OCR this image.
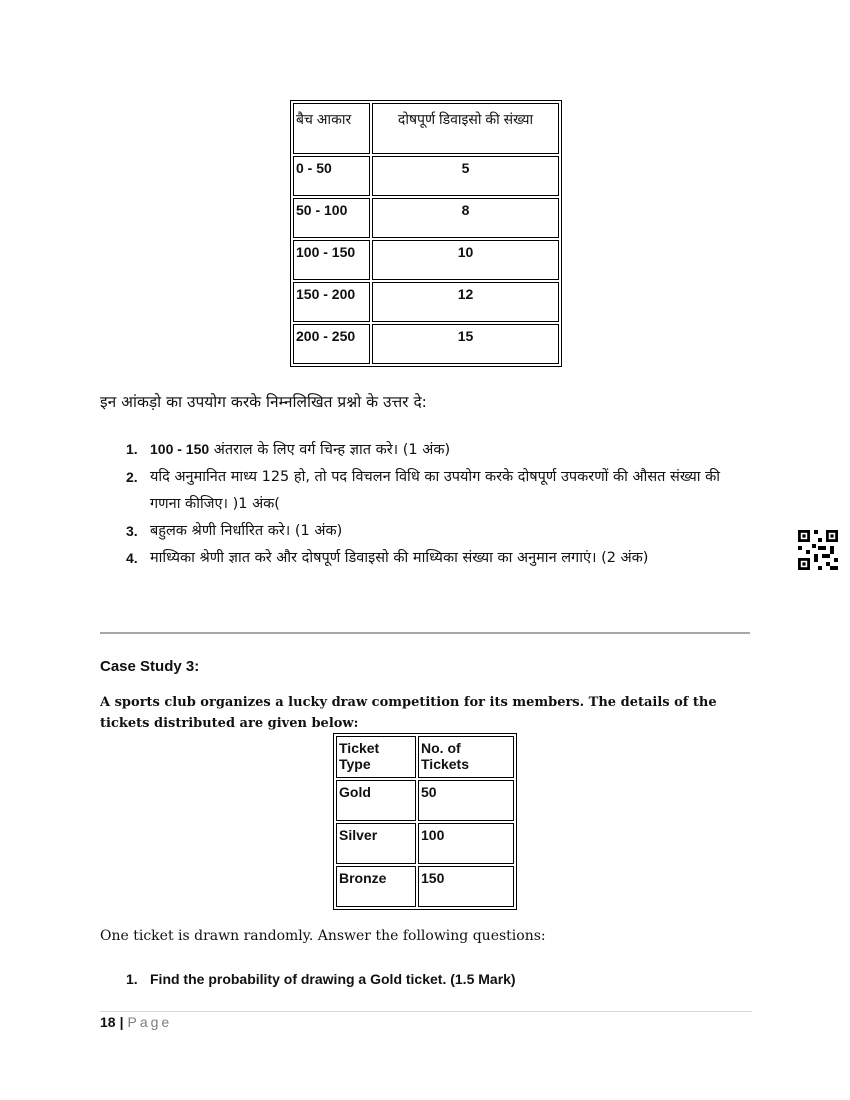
बैच आकार	दोषपूर्ण डिवाइसो की संख्या
0 - 50	5
50 - 100	8
100 - 150	10
150 - 200	12
200 - 250	15
इन आंकड़ो का उपयोग करके निम्नलिखित प्रश्नो के उत्तर दे:
1. 100 - 150 अंतराल के लिए वर्ग चिन्ह ज्ञात करे। (1 अंक)
2. यदि अनुमानित माध्य 125 हो, तो पद विचलन विधि का उपयोग करके दोषपूर्ण उपकरणों की औसत संख्या की गणना कीजिए। )1 अंक(
3. बहुलक श्रेणी निर्धारित करे। (1 अंक)
4. माध्यिका श्रेणी ज्ञात करे और दोषपूर्ण डिवाइसो की माध्यिका संख्या का अनुमान लगाएं। (2 अंक)
Case Study 3:
A sports club organizes a lucky draw competition for its members. The details of the tickets distributed are given below:
Ticket Type	No. of Tickets
Gold	50
Silver	100
Bronze	150
One ticket is drawn randomly. Answer the following questions:
1. Find the probability of drawing a Gold ticket. (1.5 Mark)
18 | Page
